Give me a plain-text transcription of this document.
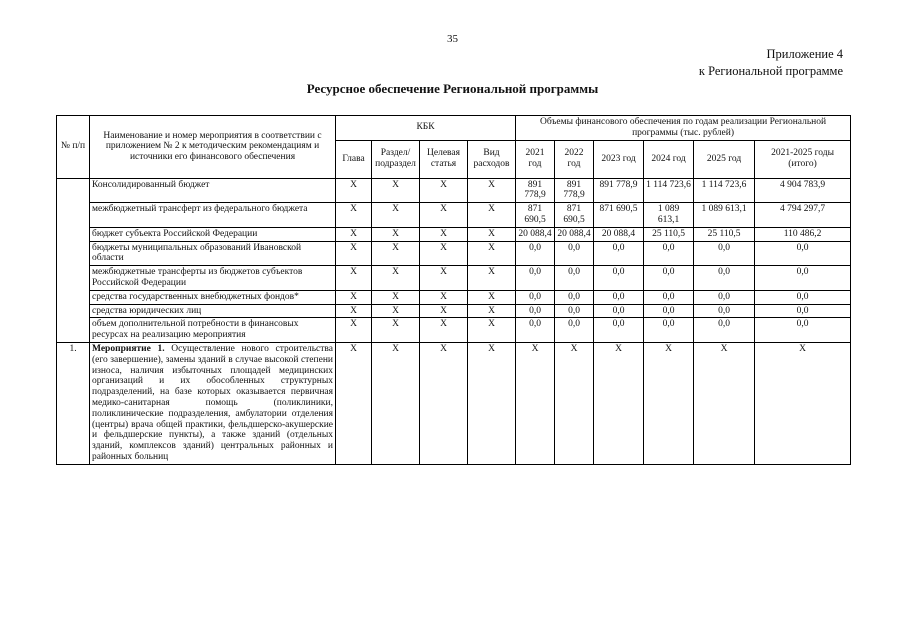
35
Приложение 4
к Региональной программе
Ресурсное обеспечение Региональной программы
№ п/п	Наименование и номер мероприятия в соответствии с приложением № 2 к методическим рекомендациям и источники его финансового обеспечения	КБК				Объемы финансового обеспечения по годам реализации Региональной программы (тыс. рублей)					
		Глава	Раздел/ подраздел	Целевая статья	Вид расходов	2021 год	2022 год	2023 год	2024 год	2025 год	2021-2025 годы (итого)
	Консолидированный бюджет	X	X	X	X	891 778,9	891 778,9	891 778,9	1 114 723,6	1 114 723,6	4 904 783,9
	межбюджетный трансферт из федерального бюджета	X	X	X	X	871 690,5	871 690,5	871 690,5	1 089 613,1	1 089 613,1	4 794 297,7
	бюджет субъекта Российской Федерации	X	X	X	X	20 088,4	20 088,4	20 088,4	25 110,5	25 110,5	110 486,2
	бюджеты муниципальных образований Ивановской области	X	X	X	X	0,0	0,0	0,0	0,0	0,0	0,0
	межбюджетные трансферты из бюджетов субъектов Российской Федерации	X	X	X	X	0,0	0,0	0,0	0,0	0,0	0,0
	средства государственных внебюджетных фондов*	X	X	X	X	0,0	0,0	0,0	0,0	0,0	0,0
	средства юридических лиц	X	X	X	X	0,0	0,0	0,0	0,0	0,0	0,0
	объем дополнительной потребности в финансовых ресурсах на реализацию мероприятия	X	X	X	X	0,0	0,0	0,0	0,0	0,0	0,0
1.	Мероприятие 1. Осуществление нового строительства (его завершение), замены зданий в случае высокой степени износа, наличия избыточных площадей медицинских организаций и их обособленных структурных подразделений, на базе которых оказывается первичная медико-санитарная помощь (поликлиники, поликлинические подразделения, амбулатории отделения (центры) врача общей практики, фельдшерско-акушерские и фельдшерские пункты), а также зданий (отдельных зданий, комплексов зданий) центральных районных и районных больниц	X	X	X	X	X	X	X	X	X	X
